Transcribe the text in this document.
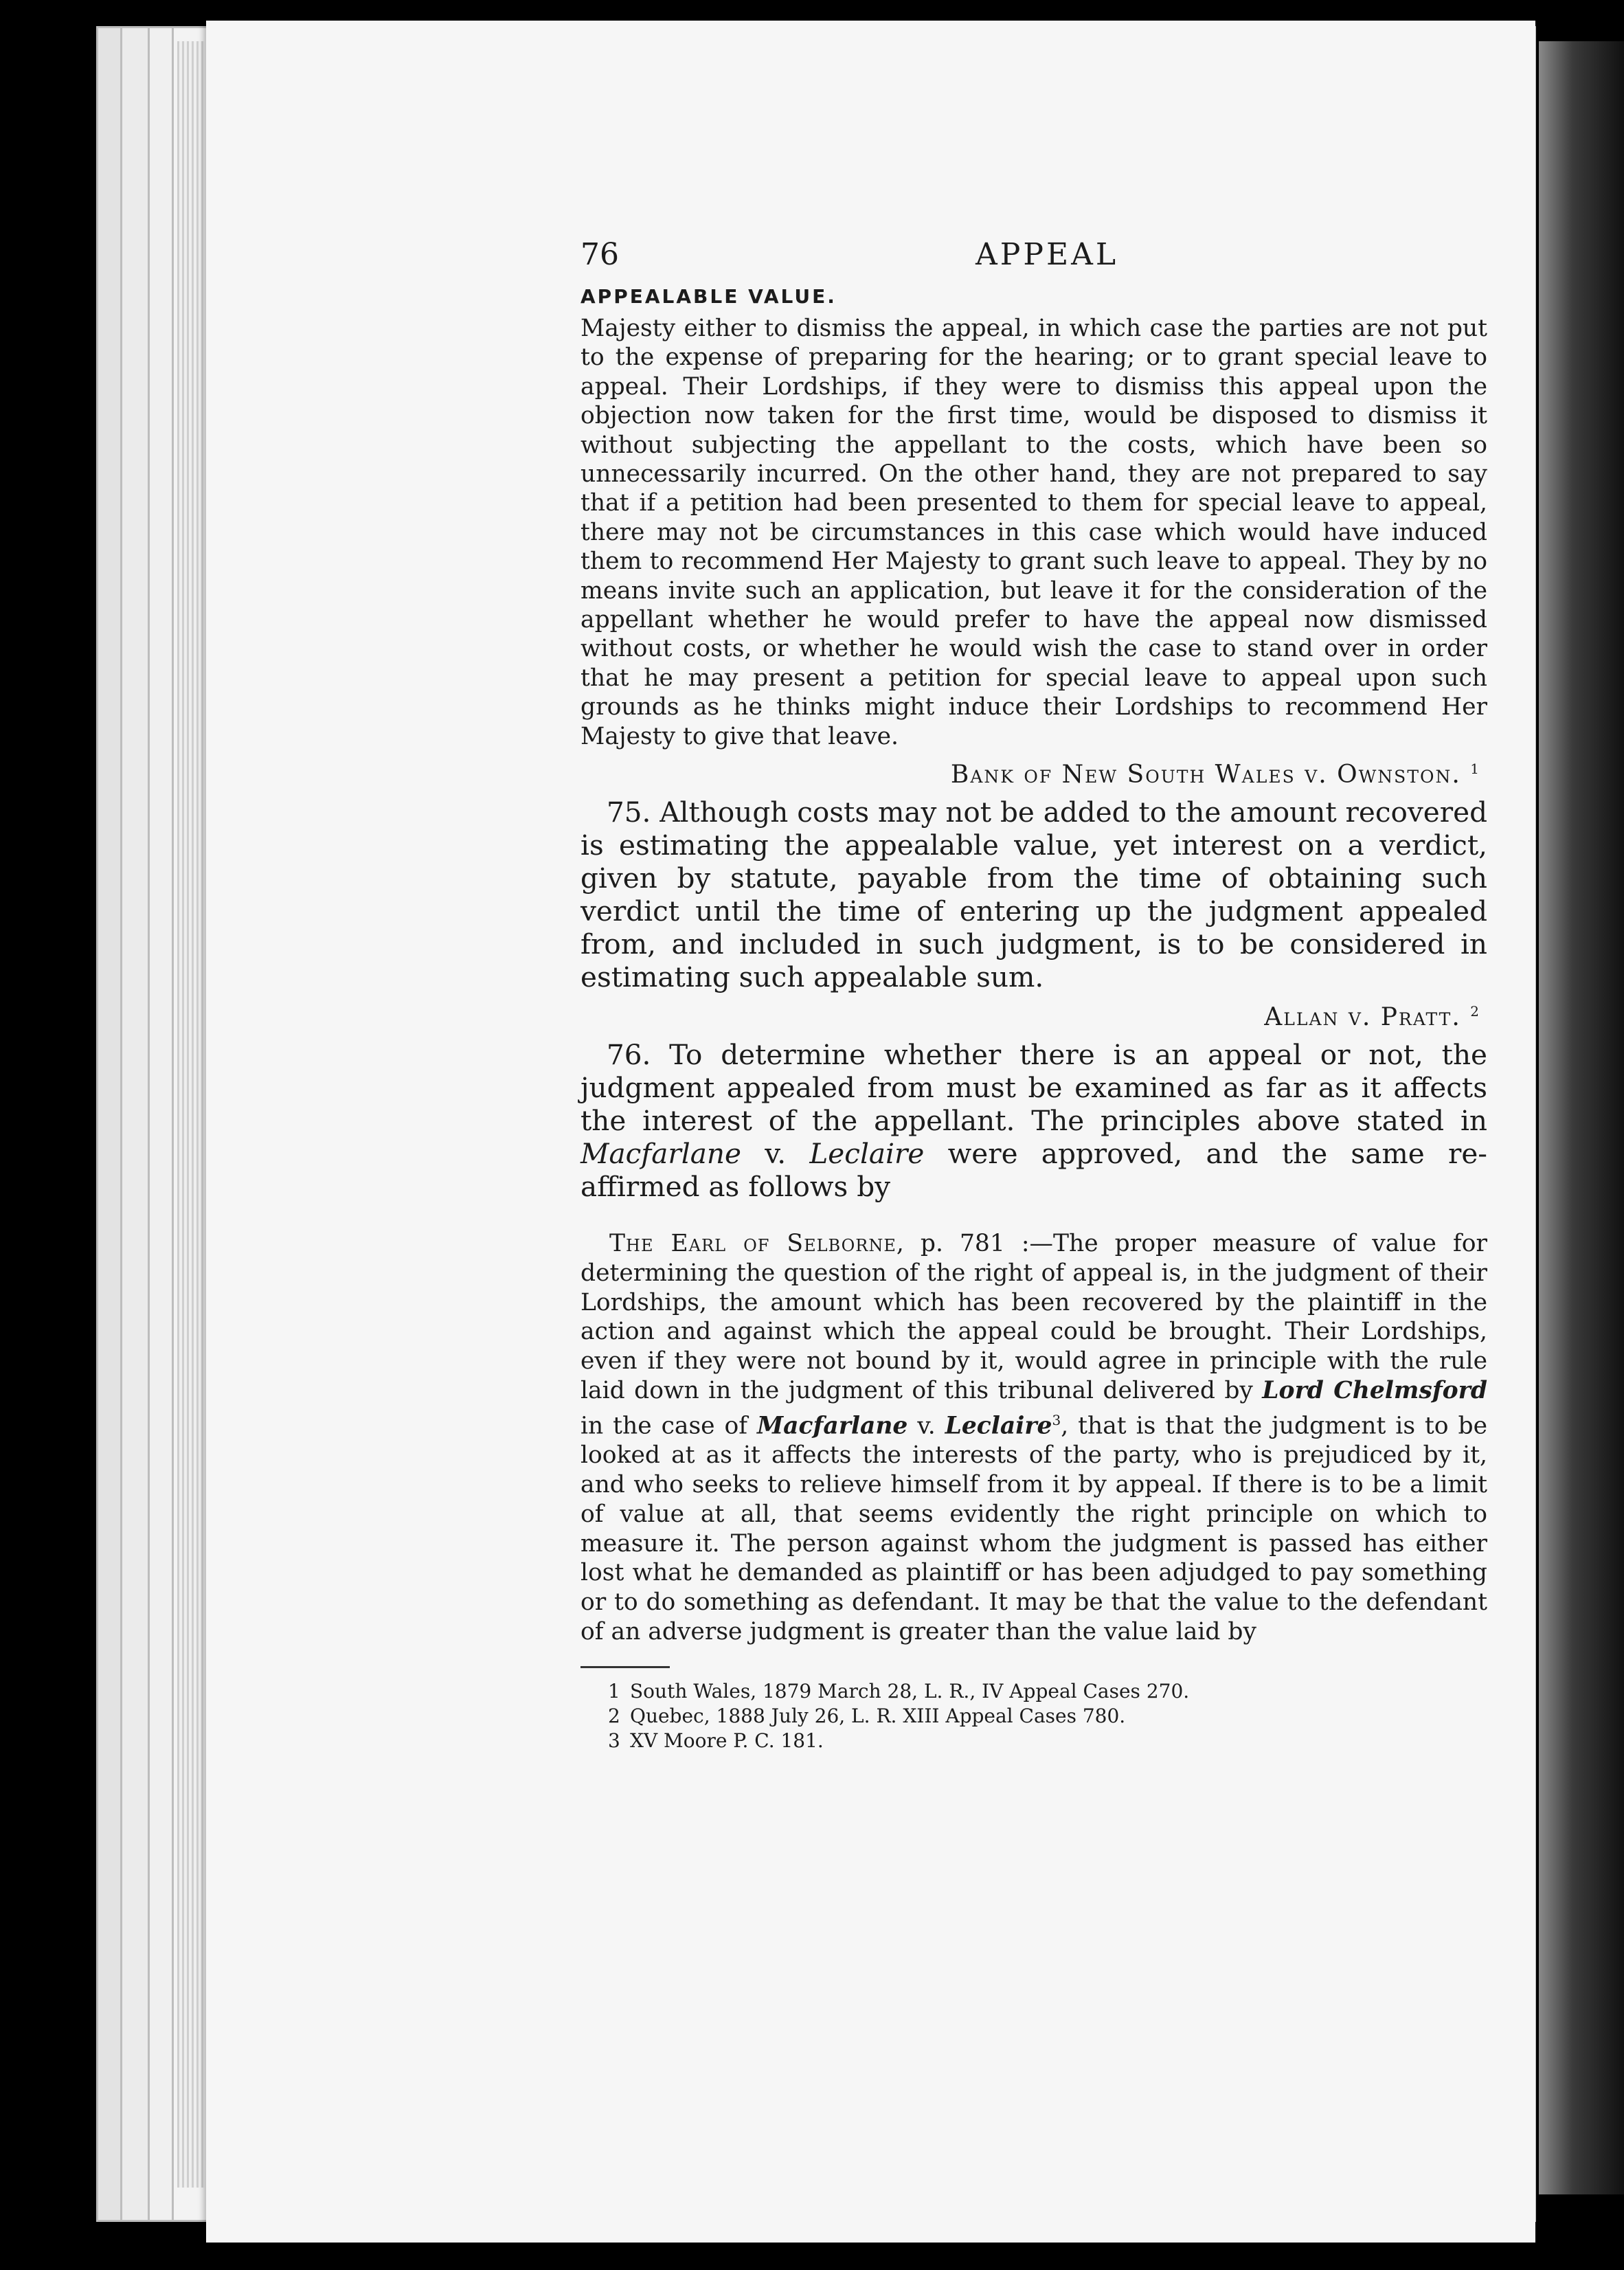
76	APPEAL
APPEALABLE VALUE.

Majesty either to dismiss the appeal, in which case the parties are not put to the expense of preparing for the hearing; or to grant special leave to appeal. Their Lordships, if they were to dismiss this appeal upon the objection now taken for the first time, would be disposed to dismiss it without subjecting the appellant to the costs, which have been so unnecessarily incurred. On the other hand, they are not prepared to say that if a petition had been presented to them for special leave to appeal, there may not be circumstances in this case which would have induced them to recommend Her Majesty to grant such leave to appeal. They by no means invite such an application, but leave it for the consideration of the appellant whether he would prefer to have the appeal now dismissed without costs, or whether he would wish the case to stand over in order that he may present a petition for special leave to appeal upon such grounds as he thinks might induce their Lordships to recommend Her Majesty to give that leave.

Bank of New South Wales v. Ownston. $^1$

75. Although costs may not be added to the amount recovered is estimating the appealable value, yet interest on a verdict, given by statute, payable from the time of obtaining such verdict until the time of entering up the judgment appealed from, and included in such judgment, is to be considered in estimating such appealable sum.

Allan v. Pratt. $^2$

76. To determine whether there is an appeal or not, the judgment appealed from must be examined as far as it affects the interest of the appellant. The principles above stated in Macfarlane v. Leclaire were approved, and the same re-affirmed as follows by

The Earl of Selborne, p. 781 :—The proper measure of value for determining the question of the right of appeal is, in the judgment of their Lordships, the amount which has been recovered by the plaintiff in the action and against which the appeal could be brought. Their Lordships, even if they were not bound by it, would agree in principle with the rule laid down in the judgment of this tribunal delivered by Lord Chelmsford in the case of Macfarlane v. Leclaire$^3$, that is that the judgment is to be looked at as it affects the interests of the party, who is prejudiced by it, and who seeks to relieve himself from it by appeal. If there is to be a limit of value at all, that seems evidently the right principle on which to measure it. The person against whom the judgment is passed has either lost what he demanded as plaintiff or has been adjudged to pay something or to do something as defendant. It may be that the value to the defendant of an adverse judgment is greater than the value laid by

1 South Wales, 1879 March 28, L. R., IV Appeal Cases 270.
2 Quebec, 1888 July 26, L. R. XIII Appeal Cases 780.
3 XV Moore P. C. 181.
